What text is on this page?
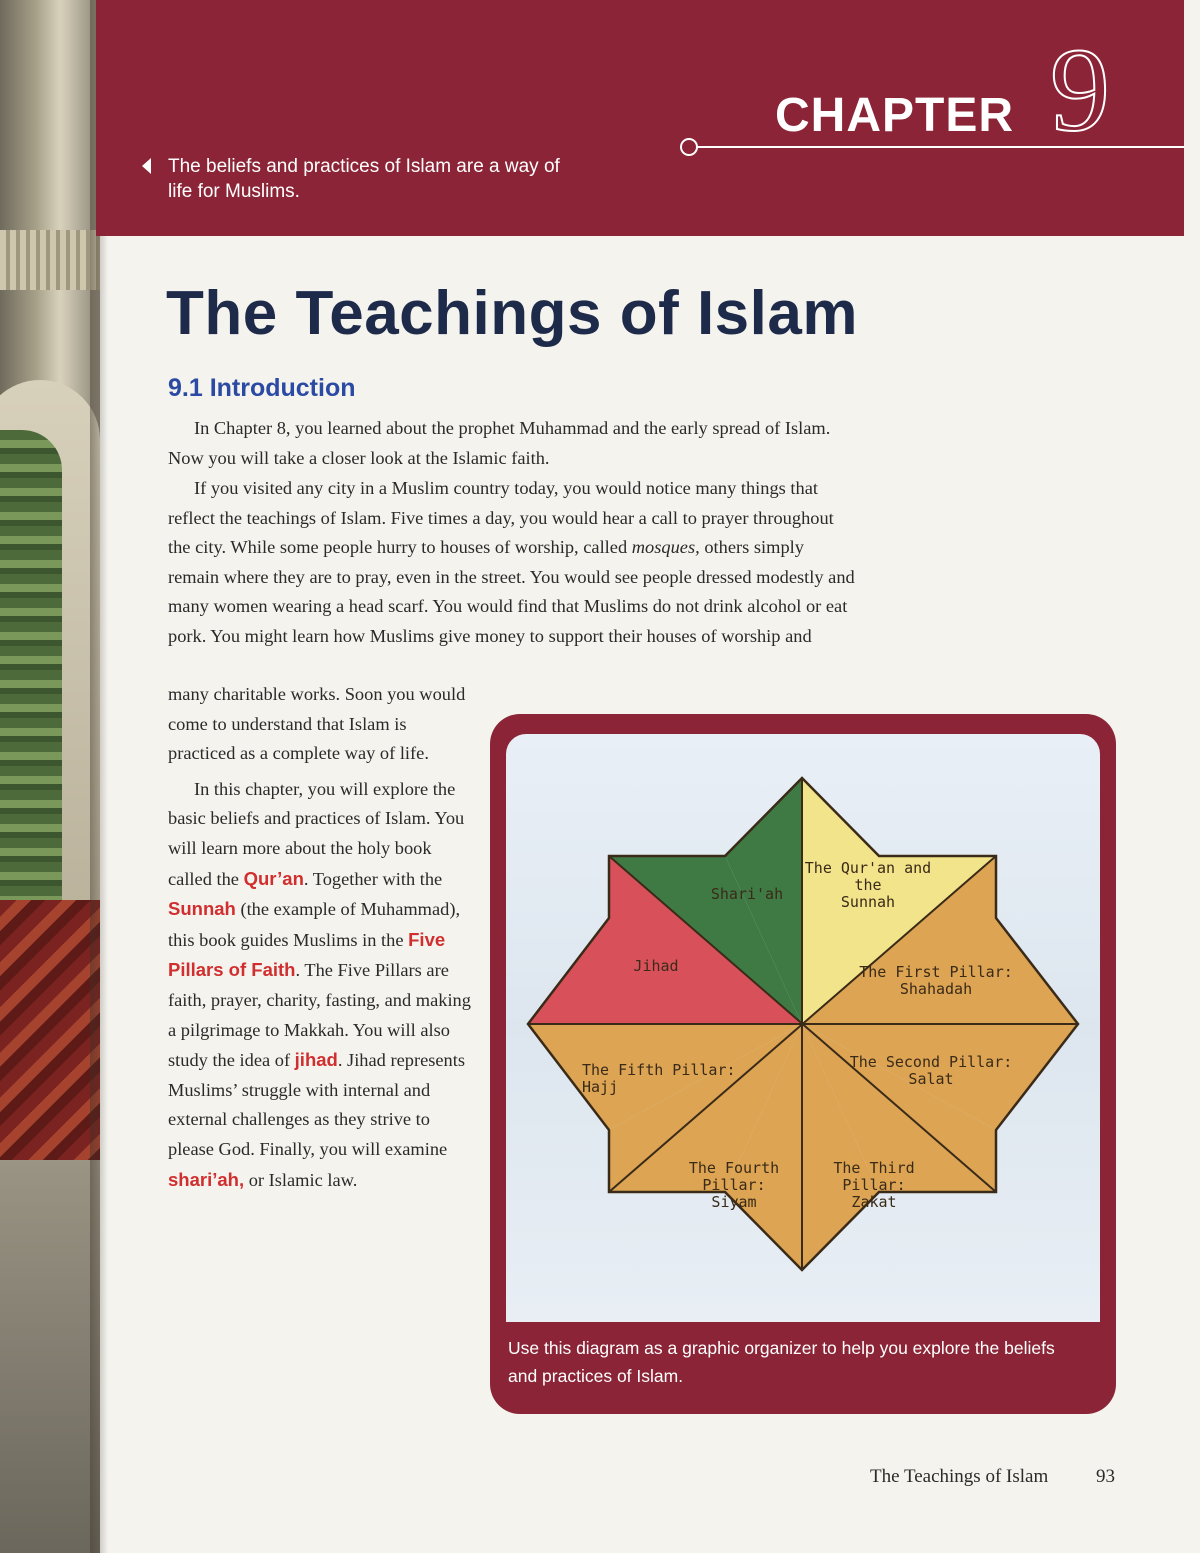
CHAPTER 9
The beliefs and practices of Islam are a way of life for Muslims.
The Teachings of Islam
9.1 Introduction

In Chapter 8, you learned about the prophet Muhammad and the early spread of Islam. Now you will take a closer look at the Islamic faith.

If you visited any city in a Muslim country today, you would notice many things that reflect the teachings of Islam. Five times a day, you would hear a call to prayer throughout the city. While some people hurry to houses of worship, called mosques, others simply remain where they are to pray, even in the street. You would see people dressed modestly and many women wearing a head scarf. You would find that Muslims do not drink alcohol or eat pork. You might learn how Muslims give money to support their houses of worship and

many charitable works. Soon you would come to understand that Islam is practiced as a complete way of life.

In this chapter, you will explore the basic beliefs and practices of Islam. You will learn more about the holy book called the Qur’an. Together with the Sunnah (the example of Muhammad), this book guides Muslims in the Five Pillars of Faith. The Five Pillars are faith, prayer, charity, fasting, and making a pilgrimage to Makkah. You will also study the idea of jihad. Jihad represents Muslims’ struggle with internal and external challenges as they strive to please God. Finally, you will examine shari’ah, or Islamic law.

Shari'ah
The Qur'an and
the
Sunnah
Jihad	The First Pillar:
Shahadah
The Second Pillar:
Salat
The Third Pillar:
Zakat
The Fourth Pillar:
Siyam
The Fifth Pillar:
Hajj

Use this diagram as a graphic organizer to help you explore the beliefs and practices of Islam.

The Teachings of Islam	93
